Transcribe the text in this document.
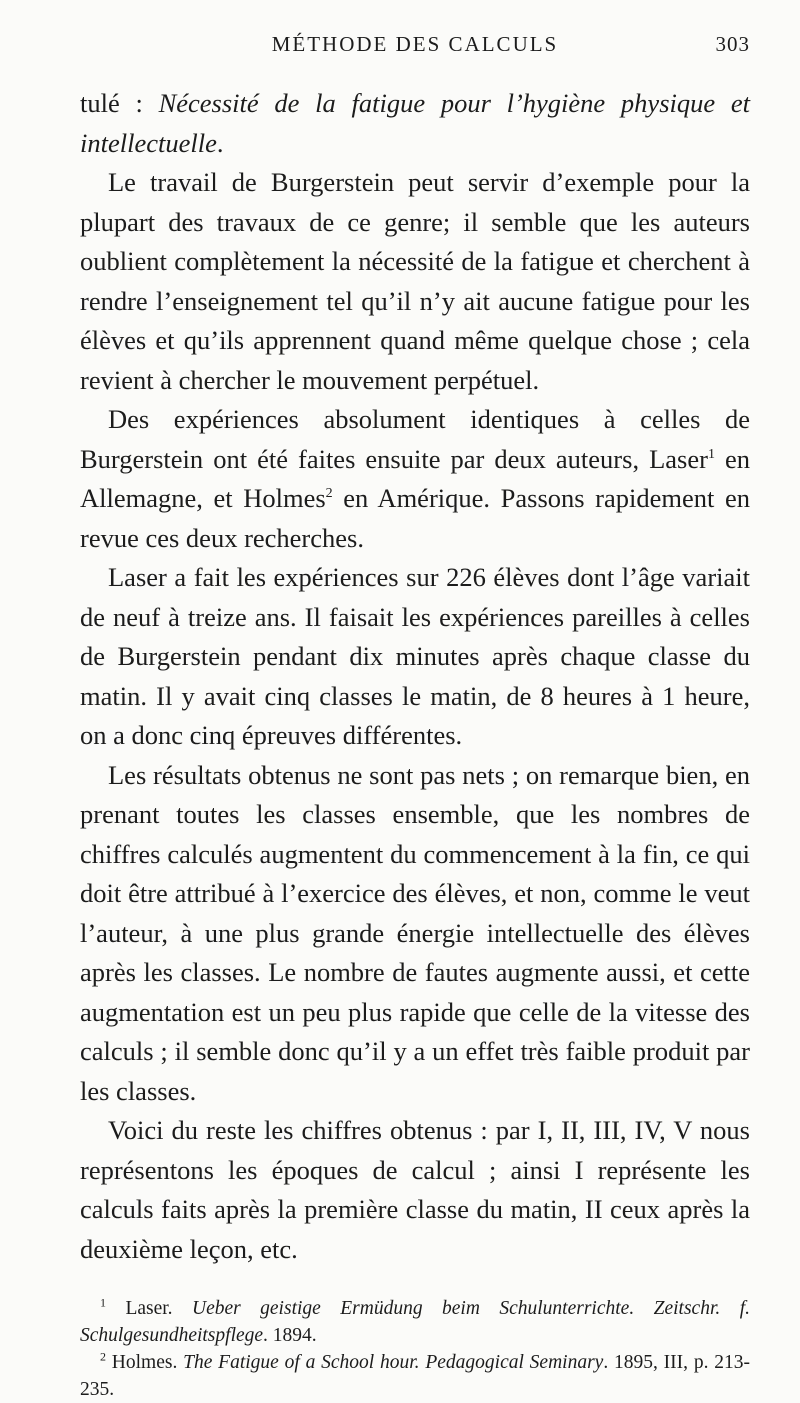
MÉTHODE DES CALCULS	303

tulé : Nécessité de la fatigue pour l’hygiène physique et intellectuelle.

Le travail de Burgerstein peut servir d’exemple pour la plupart des travaux de ce genre; il semble que les auteurs oublient complètement la nécessité de la fatigue et cherchent à rendre l’enseignement tel qu’il n’y ait aucune fatigue pour les élèves et qu’ils apprennent quand même quelque chose ; cela revient à chercher le mouvement perpétuel.

Des expériences absolument identiques à celles de Burgerstein ont été faites ensuite par deux auteurs, Laser$^1$ en Allemagne, et Holmes$^2$ en Amérique. Passons rapidement en revue ces deux recherches.

Laser a fait les expériences sur 226 élèves dont l’âge variait de neuf à treize ans. Il faisait les expériences pareilles à celles de Burgerstein pendant dix minutes après chaque classe du matin. Il y avait cinq classes le matin, de 8 heures à 1 heure, on a donc cinq épreuves différentes.

Les résultats obtenus ne sont pas nets ; on remarque bien, en prenant toutes les classes ensemble, que les nombres de chiffres calculés augmentent du commencement à la fin, ce qui doit être attribué à l’exercice des élèves, et non, comme le veut l’auteur, à une plus grande énergie intellectuelle des élèves après les classes. Le nombre de fautes augmente aussi, et cette augmentation est un peu plus rapide que celle de la vitesse des calculs ; il semble donc qu’il y a un effet très faible produit par les classes.

Voici du reste les chiffres obtenus : par I, II, III, IV, V nous représentons les époques de calcul ; ainsi I représente les calculs faits après la première classe du matin, II ceux après la deuxième leçon, etc.

$^1$ Laser. Ueber geistige Ermüdung beim Schulunterrichte. Zeitschr. f. Schulgesundheitspflege. 1894.

$^2$ Holmes. The Fatigue of a School hour. Pedagogical Seminary. 1895, III, p. 213-235.
